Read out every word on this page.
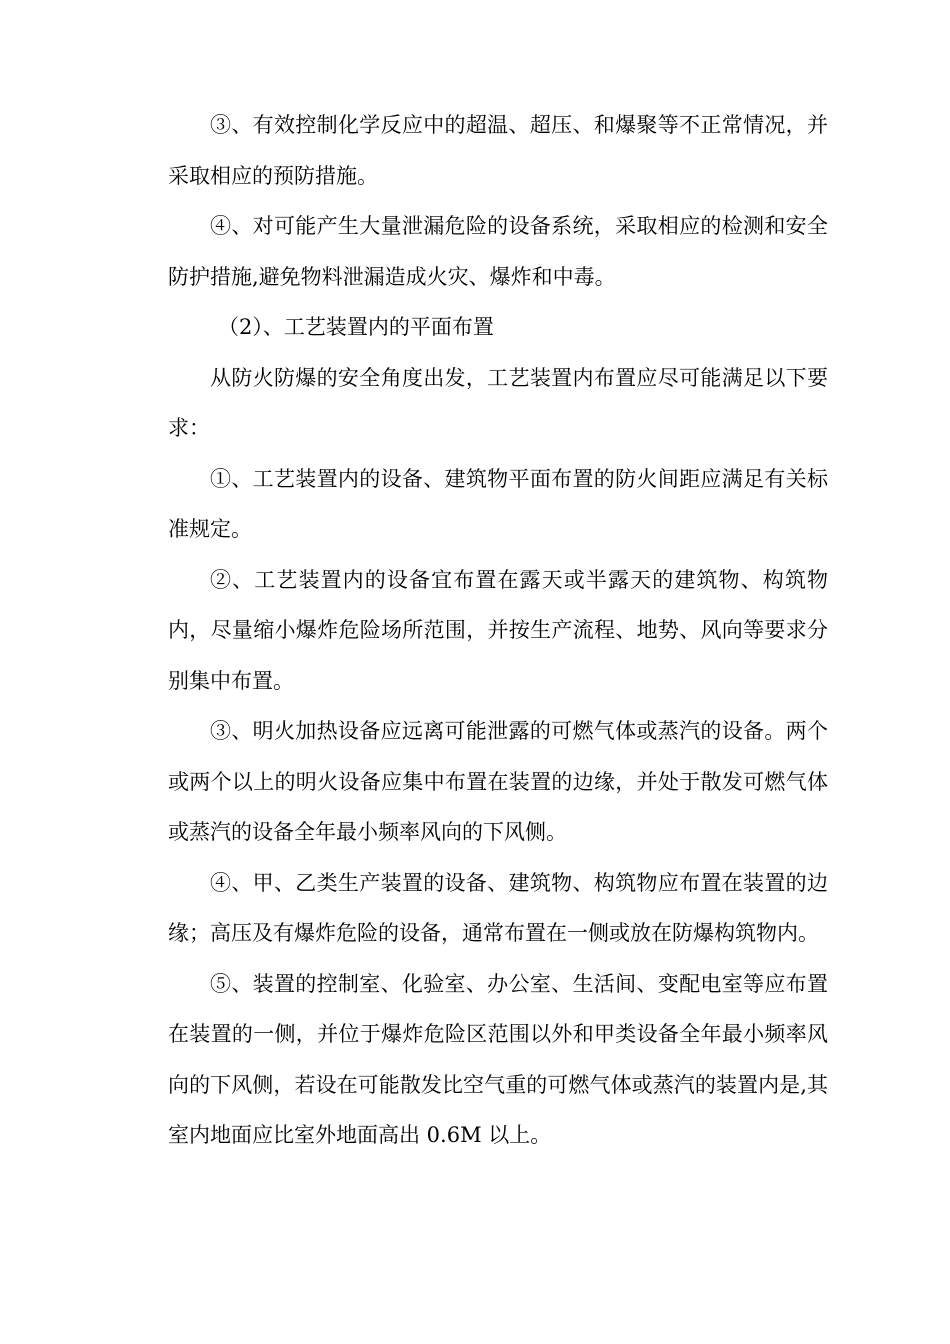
③、有效控制化学反应中的超温、超压、和爆聚等不正常情况，并采取相应的预防措施。

④、对可能产生大量泄漏危险的设备系统，采取相应的检测和安全防护措施,避免物料泄漏造成火灾、爆炸和中毒。

（2）、工艺装置内的平面布置

从防火防爆的安全角度出发，工艺装置内布置应尽可能满足以下要求：

①、工艺装置内的设备、建筑物平面布置的防火间距应满足有关标准规定。

②、工艺装置内的设备宜布置在露天或半露天的建筑物、构筑物内，尽量缩小爆炸危险场所范围，并按生产流程、地势、风向等要求分别集中布置。

③、明火加热设备应远离可能泄露的可燃气体或蒸汽的设备。两个或两个以上的明火设备应集中布置在装置的边缘，并处于散发可燃气体或蒸汽的设备全年最小频率风向的下风侧。

④、甲、乙类生产装置的设备、建筑物、构筑物应布置在装置的边缘；高压及有爆炸危险的设备，通常布置在一侧或放在防爆构筑物内。

⑤、装置的控制室、化验室、办公室、生活间、变配电室等应布置在装置的一侧，并位于爆炸危险区范围以外和甲类设备全年最小频率风向的下风侧，若设在可能散发比空气重的可燃气体或蒸汽的装置内是,其室内地面应比室外地面高出 0.6M 以上。
